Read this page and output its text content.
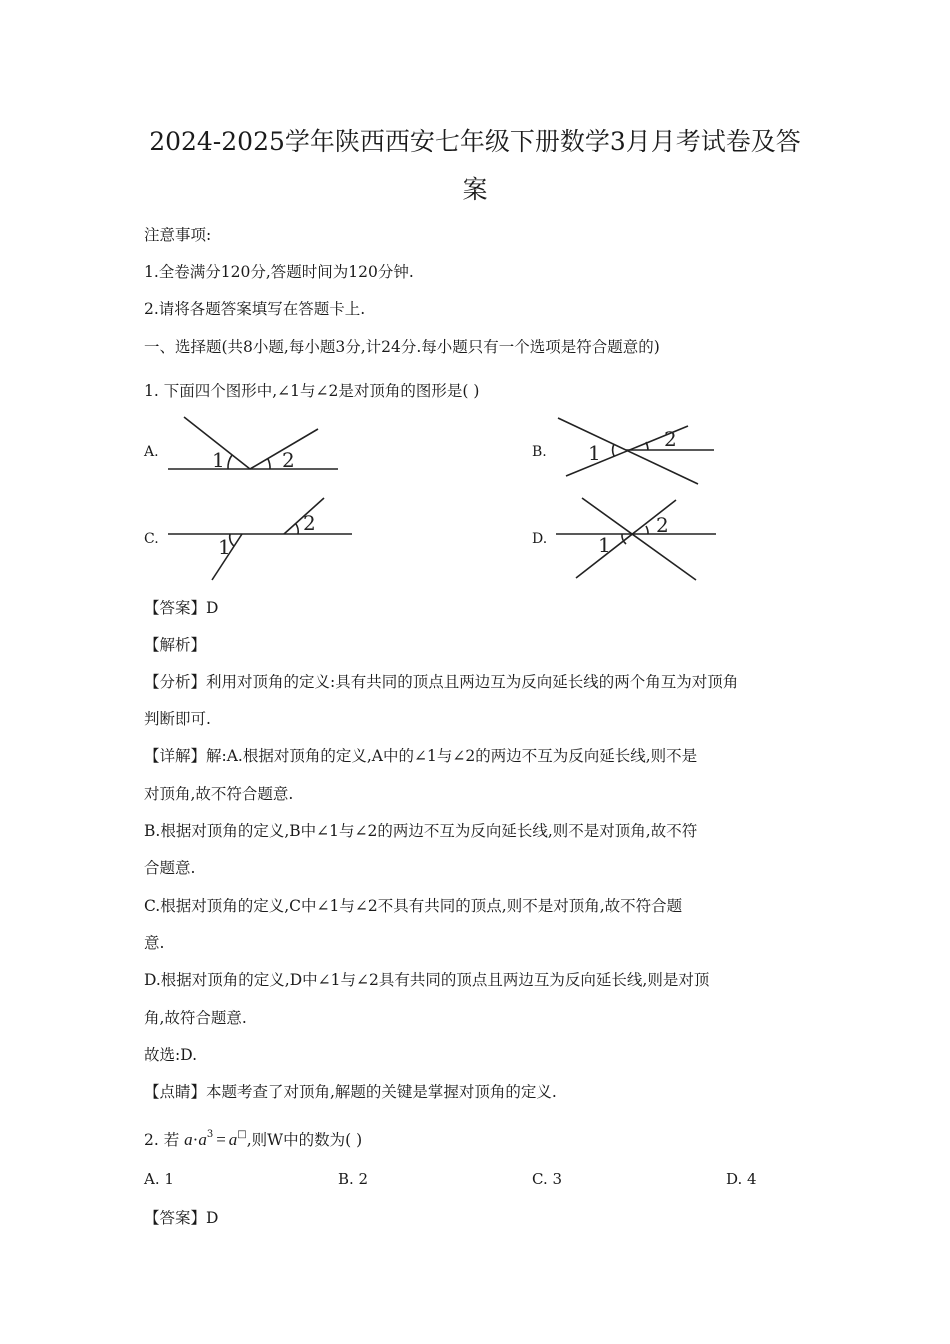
2024-2025学年陕西西安七年级下册数学3月月考试卷及答
案
注意事项:
1.全卷满分120分,答题时间为120分钟.
2.请将各题答案填写在答题卡上.
一、选择题(共8小题,每小题3分,计24分.每小题只有一个选项是符合题意的)
1. 下面四个图形中,∠1与∠2是对顶角的图形是( )
A.	B.
C.	D.
1	2	1
2
1
2
1
2
【答案】D
【解析】
【分析】利用对顶角的定义:具有共同的顶点且两边互为反向延长线的两个角互为对顶角
判断即可.
【详解】解:A.根据对顶角的定义,A中的∠1与∠2的两边不互为反向延长线,则不是
对顶角,故不符合题意.
B.根据对顶角的定义,B中∠1与∠2的两边不互为反向延长线,则不是对顶角,故不符
合题意.
C.根据对顶角的定义,C中∠1与∠2不具有共同的顶点,则不是对顶角,故不符合题
意.
D.根据对顶角的定义,D中∠1与∠2具有共同的顶点且两边互为反向延长线,则是对顶
角,故符合题意.
故选:D.
【点睛】本题考查了对顶角,解题的关键是掌握对顶角的定义.
2. 若 $a\cdot a^3 = a^□$,则W中的数为( )
A. 1	B. 2	C. 3	D. 4
【答案】D
